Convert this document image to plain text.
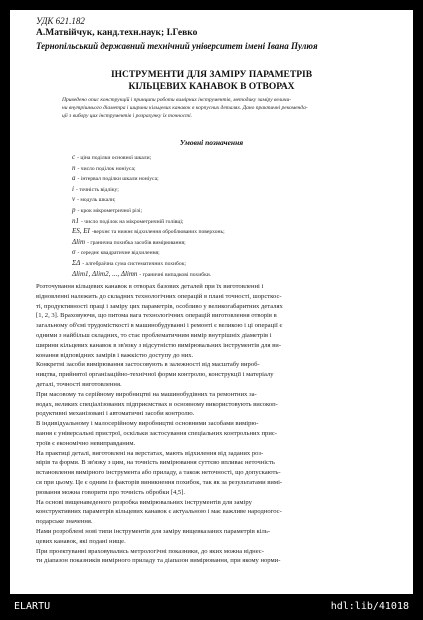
УДК 621.182
А.Матвійчук, канд.техн.наук; І.Гевко
Тернопільський державний технічний університет імені Івана Пулюя
ІНСТРУМЕНТИ ДЛЯ ЗАМІРУ ПАРАМЕТРІВ
КІЛЬЦЕВИХ КАНАВОК В ОТВОРАХ
Приведено опис конструкцій і принципи роботи вимірних інструментів, методику заміру величи-
ни внутрішнього діаметра і ширини кільцевих канавок в корпусних деталях. Дано практичні рекоменда-
ції з вибору цих інструментів і розрахунку їх точності.
Умовні позначення
c - ціна поділки основної шкали;
n - число поділок ноніуса;
a - інтервал поділки шкали ноніуса;
i - точність відліку;
v - модуль шкали;
p - крок мікрометричної різі;
n1 - число поділок на мікрометричній голівці;
ES, EI -верхнє та нижнє відхилення оброблюваних поверхонь;
Δlim - гранична похибка засобів вимірювання;
σ - середнє квадратичне відхилення;
ΣΔ - алгебраїчна сума систематичних похибок;
Δlim1, Δlim2, ..., Δlimn - граничні випадкові похибки.
Розточування кільцевих канавок в отворах базових деталей при їх виготовленні і
відновленні належить до складних технологічних операцій в плані точності, шорсткос-
ті, продуктивності праці і заміру цих параметрів, особливо у великогабаритних деталях
[1, 2, 3]. Враховуючи, що питома вага технологічних операцій виготовлення отворів в
загальному об'ємі трудомісткості в машинобудуванні і ремонті є великою і ці операції є
одними з найбільш складних, то стає проблематичним вимір внутрішніх діаметрів і
ширини кільцевих канавок в зв'язку з відсутністю вимірювальних інструментів для ви-
конання відповідних замірів і важкістю доступу до них.
Конкретні засоби вимірювання застосовують в залежності від масштабу вироб-
ництва, прийнятої організаційно-технічної форми контролю, конструкції і матеріалу
деталі, точності виготовлення.
При масовому та серійному виробництві на машинобудівних та ремонтних за-
водах, великих спеціалізованих підприємствах в основному використовують високоп-
родуктивні механізовані і автоматичні засоби контролю.
В індивідуальному і малосерійному виробництві основними засобами вимірю-
вання є універсальні пристрої, оскільки застосування спеціальних контрольних прис-
троїв є економічно невиправданим.
На практиці деталі, виготовлені на верстатах, мають відхилення від заданих роз-
мірів та форми. В зв'язку з цим, на точність вимірювання суттєво впливає неточність
встановлення вимірного інструмента або приладу, а також неточності, що допускають-
ся при цьому. Це є одним із факторів виникнення похибок, так як за результатами вимі-
рювання можна говорити про точність обробки [4,5].
На основі вищенаведеного розробка вимірювальних інструментів для заміру
конструктивних параметрів кільцевих канавок є актуальною і має важливе народногос-
подарське значення.
Нами розроблені нові типи інструментів для заміру вищевказаних параметрів кіль-
цевих канавок, які подані нище.
При проектуванні враховувались метрологічні показники, до яких можна віднес-
ти діапазон показників вимірного приладу та діапазон вимірювання, при якому норми-
ELARTU	hdl:lib/41018
